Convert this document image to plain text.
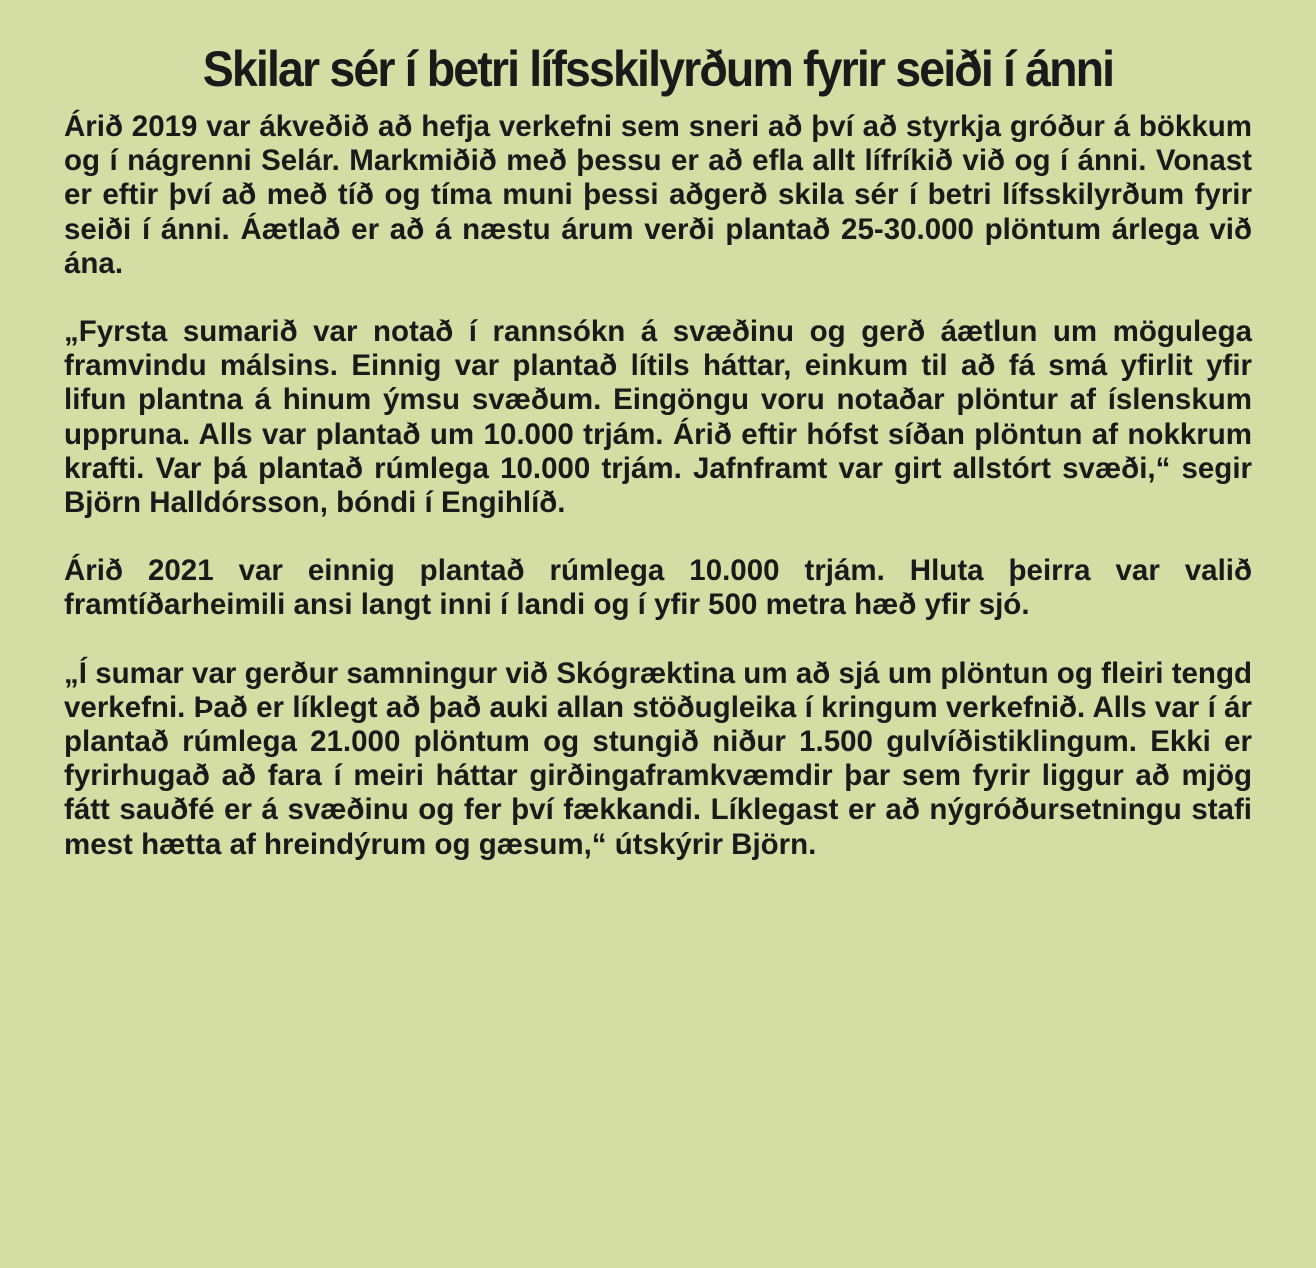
Skilar sér í betri lífsskilyrðum fyrir seiði í ánni

Árið 2019 var ákveðið að hefja verkefni sem sneri að því að styrkja gróður á bökkum og í nágrenni Selár. Markmiðið með þessu er að efla allt lífríkið við og í ánni. Vonast er eftir því að með tíð og tíma muni þessi aðgerð skila sér í betri lífsskilyrðum fyrir seiði í ánni. Áætlað er að á næstu árum verði plantað 25-30.000 plöntum árlega við ána.

„Fyrsta sumarið var notað í rannsókn á svæðinu og gerð áætlun um mögulega framvindu málsins. Einnig var plantað lítils háttar, einkum til að fá smá yfirlit yfir lifun plantna á hinum ýmsu svæðum. Eingöngu voru notaðar plöntur af íslenskum uppruna. Alls var plantað um 10.000 trjám. Árið eftir hófst síðan plöntun af nokkrum krafti. Var þá plantað rúmlega 10.000 trjám. Jafnframt var girt allstórt svæði,“ segir Björn Halldórsson, bóndi í Engihlíð.

Árið 2021 var einnig plantað rúmlega 10.000 trjám. Hluta þeirra var valið framtíðarheimili ansi langt inni í landi og í yfir 500 metra hæð yfir sjó.

„Í sumar var gerður samningur við Skógræktina um að sjá um plöntun og fleiri tengd verkefni. Það er líklegt að það auki allan stöðugleika í kringum verkefnið. Alls var í ár plantað rúmlega 21.000 plöntum og stungið niður 1.500 gulvíðistiklingum. Ekki er fyrirhugað að fara í meiri háttar girðingaframkvæmdir þar sem fyrir liggur að mjög fátt sauðfé er á svæðinu og fer því fækkandi. Líklegast er að nýgróðursetningu stafi mest hætta af hreindýrum og gæsum,“ útskýrir Björn.
